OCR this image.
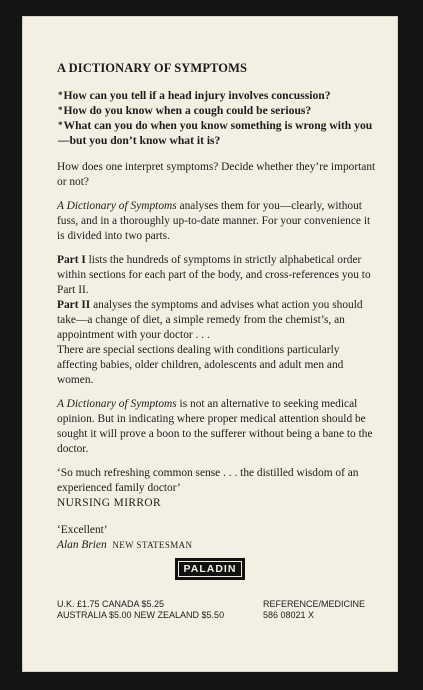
A DICTIONARY OF SYMPTOMS

*How can you tell if a head injury involves concussion?

*How do you know when a cough could be serious?

*What can you do when you know something is wrong with you—but you don’t know what it is?

How does one interpret symptoms? Decide whether they’re important or not?

A Dictionary of Symptoms analyses them for you—clearly, without fuss, and in a thoroughly up-to-date manner. For your convenience it is divided into two parts.

Part I lists the hundreds of symptoms in strictly alphabetical order within sections for each part of the body, and cross-references you to Part II.

Part II analyses the symptoms and advises what action you should take—a change of diet, a simple remedy from the chemist’s, an appointment with your doctor . . .

There are special sections dealing with conditions particularly affecting babies, older children, adolescents and adult men and women.

A Dictionary of Symptoms is not an alternative to seeking medical opinion. But in indicating where proper medical attention should be sought it will prove a boon to the sufferer without being a bane to the doctor.

‘So much refreshing common sense . . . the distilled wisdom of an experienced family doctor’

NURSING MIRROR

‘Excellent’

Alan Brien NEW STATESMAN

PALADIN
U.K. £1.75 CANADA $5.25
AUSTRALIA $5.00 NEW ZEALAND $5.50
REFERENCE/MEDICINE
586 08021 X
